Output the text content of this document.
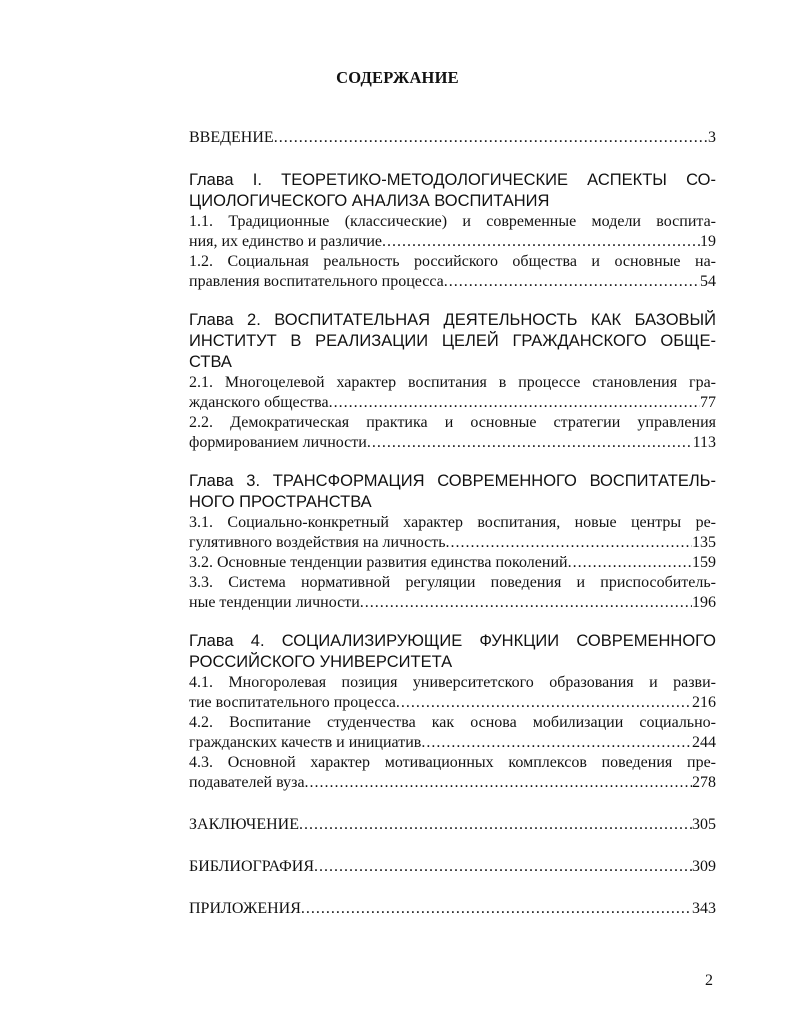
СОДЕРЖАНИЕ
ВВЕДЕНИЕ .....	3
Глава I. ТЕОРЕТИКО-МЕТОДОЛОГИЧЕСКИЕ АСПЕКТЫ СО-
ЦИОЛОГИЧЕСКОГО АНАЛИЗА ВОСПИТАНИЯ
1.1. Традиционные (классические) и современные модели воспита-
ния, их единство и различие .....	19
1.2. Социальная реальность российского общества и основные на-
правления воспитательного процесса .....	54
Глава 2. ВОСПИТАТЕЛЬНАЯ ДЕЯТЕЛЬНОСТЬ КАК БАЗОВЫЙ
ИНСТИТУТ В РЕАЛИЗАЦИИ ЦЕЛЕЙ ГРАЖДАНСКОГО ОБЩЕ-
СТВА
2.1. Многоцелевой характер воспитания в процессе становления гра-
жданского общества .....	77
2.2. Демократическая практика и основные стратегии управления
формированием личности .....	113
Глава 3. ТРАНСФОРМАЦИЯ СОВРЕМЕННОГО ВОСПИТАТЕЛЬ-
НОГО ПРОСТРАНСТВА
3.1. Социально-конкретный характер воспитания, новые центры ре-
гулятивного воздействия на личность .....	135
3.2. Основные тенденции развития единства поколений .....	159
3.3. Система нормативной регуляции поведения и приспособитель-
ные тенденции личности .....	196
Глава 4. СОЦИАЛИЗИРУЮЩИЕ ФУНКЦИИ СОВРЕМЕННОГО
РОССИЙСКОГО УНИВЕРСИТЕТА
4.1. Многоролевая позиция университетского образования и разви-
тие воспитательного процесса .....	216
4.2. Воспитание студенчества как основа мобилизации социально-
гражданских качеств и инициатив .....	244
4.3. Основной характер мотивационных комплексов поведения пре-
подавателей вуза .....	278
ЗАКЛЮЧЕНИЕ .....	305
БИБЛИОГРАФИЯ .....	309
ПРИЛОЖЕНИЯ .....	343
2
